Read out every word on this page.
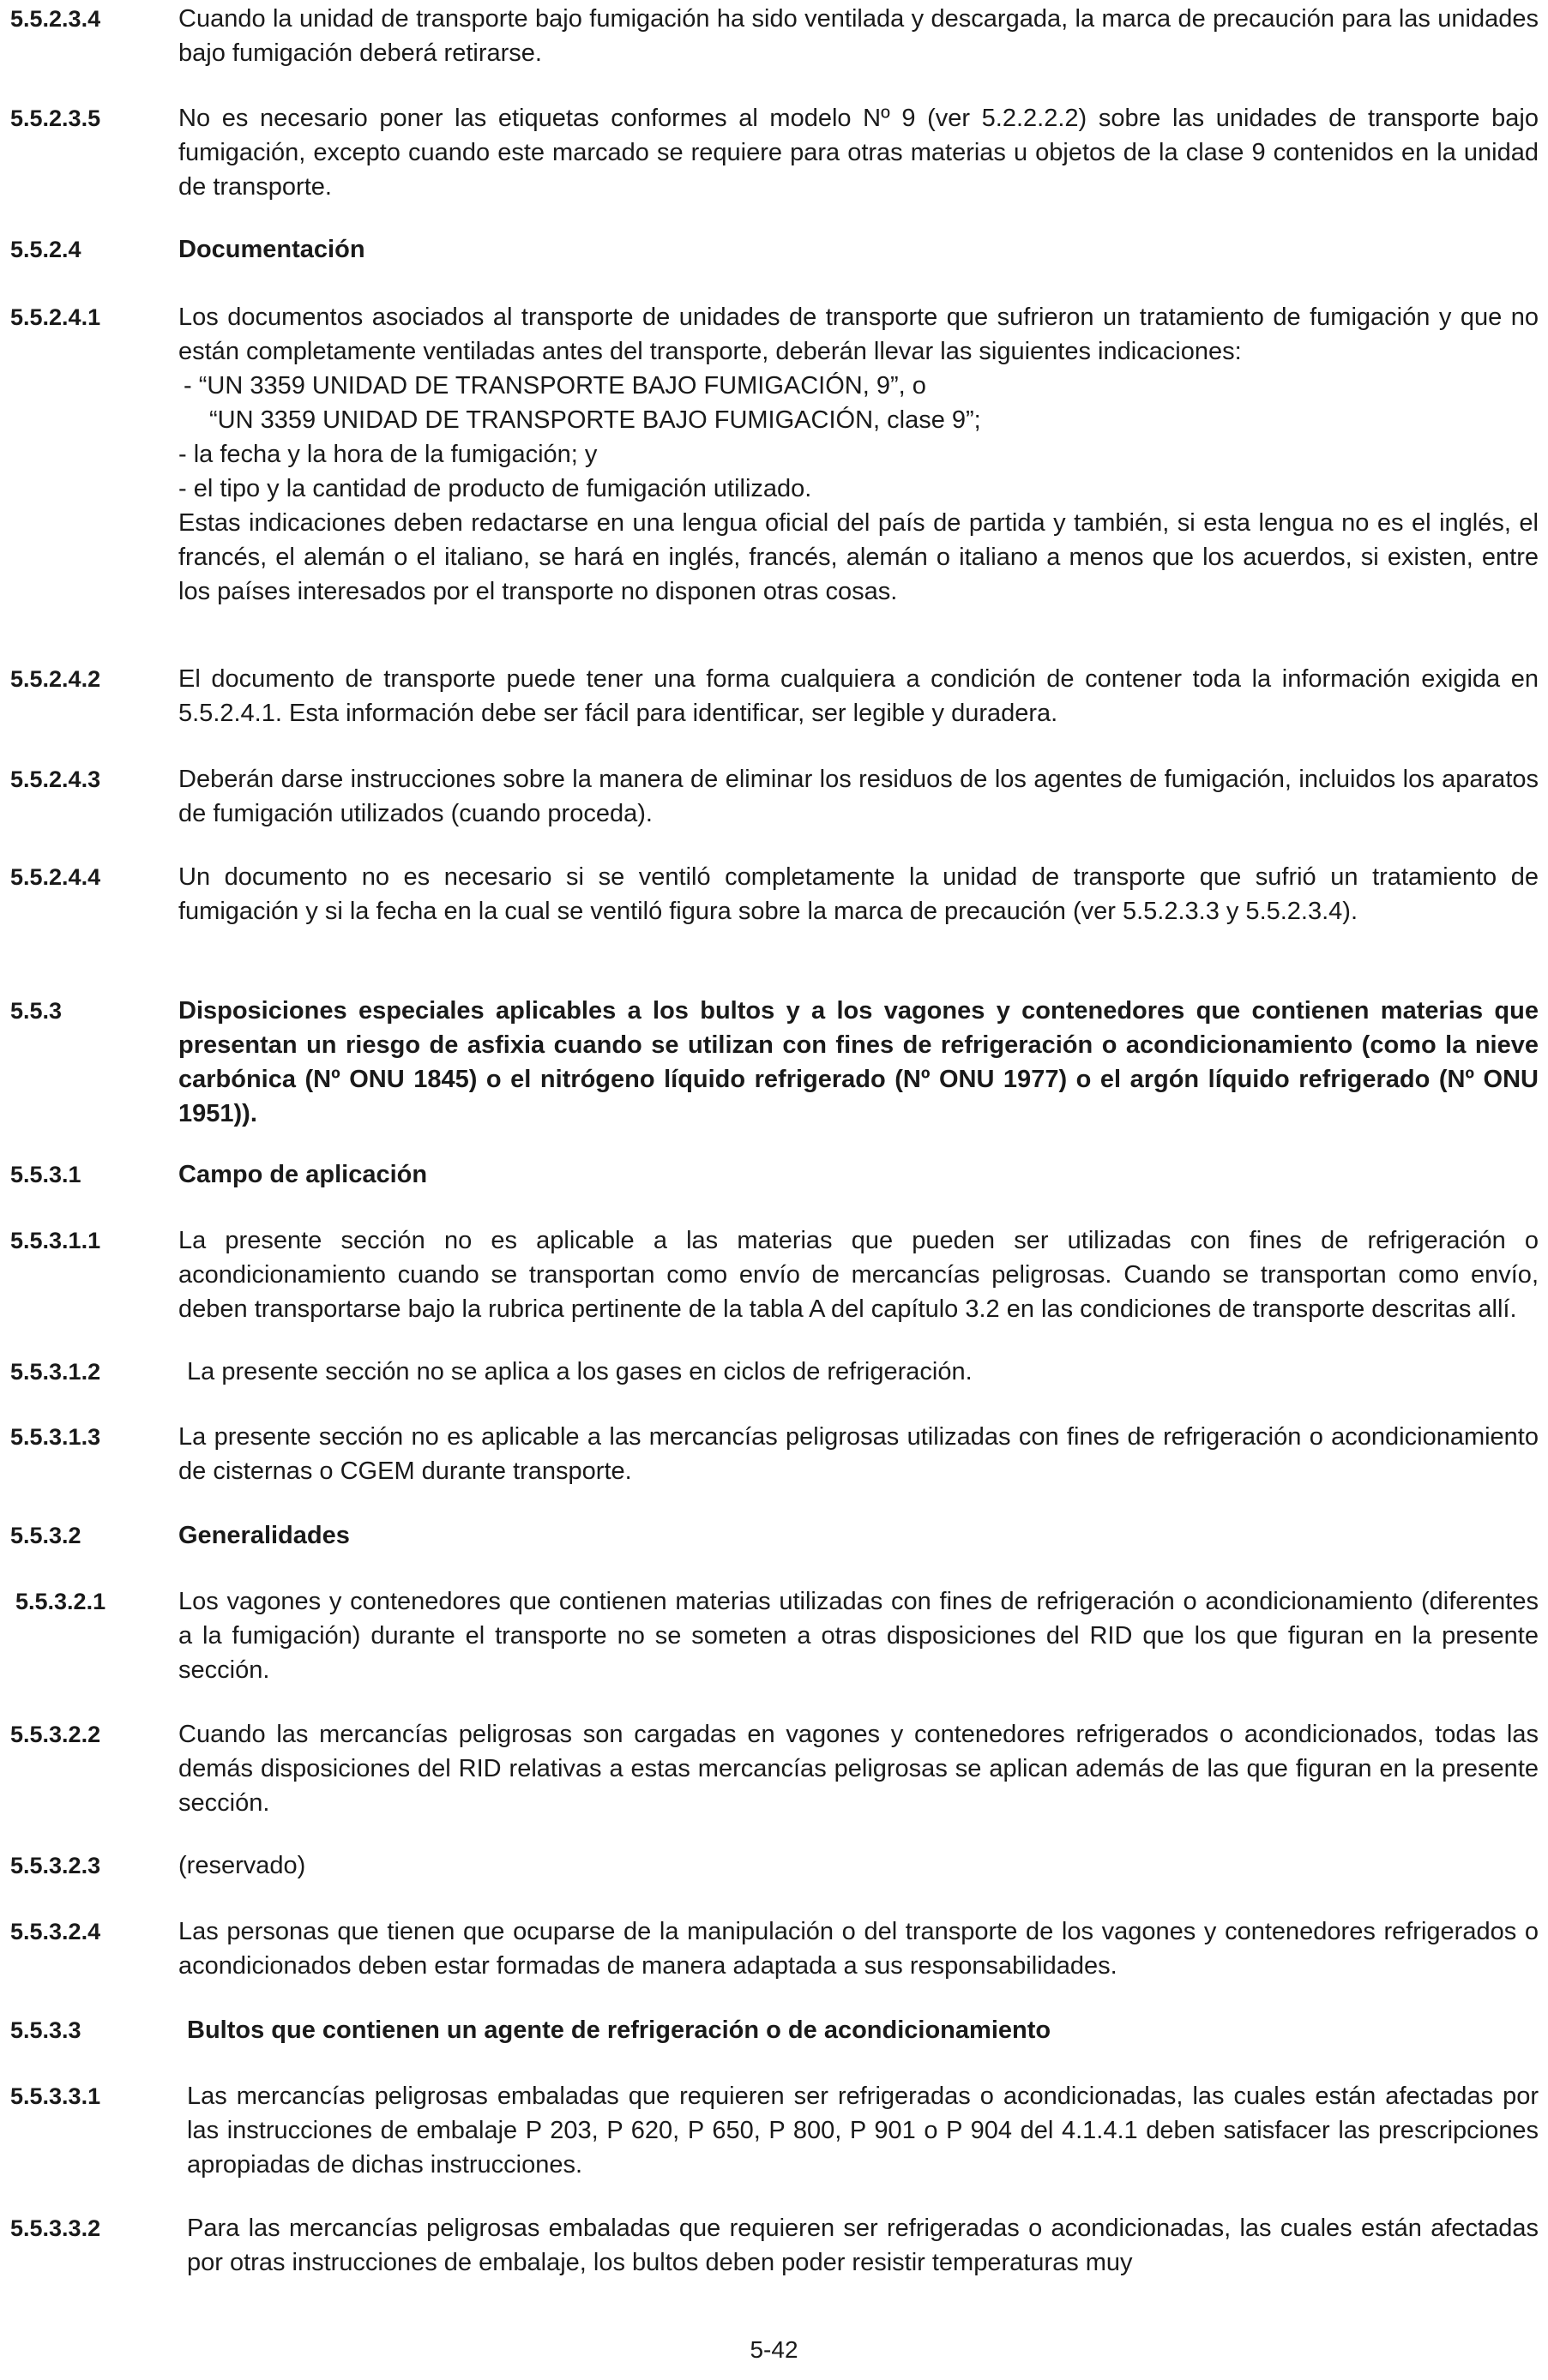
5.5.2.3.4	Cuando la unidad de transporte bajo fumigación ha sido ventilada y descargada, la marca de precaución para las unidades bajo fumigación deberá retirarse.
5.5.2.3.5	No es necesario poner las etiquetas conformes al modelo Nº 9 (ver 5.2.2.2.2) sobre las unidades de transporte bajo fumigación, excepto cuando este marcado se requiere para otras materias u objetos de la clase 9 contenidos en la unidad de transporte.
5.5.2.4	Documentación
5.5.2.4.1	Los documentos asociados al transporte de unidades de transporte que sufrieron un tratamiento de fumigación y que no están completamente ventiladas antes del transporte, deberán llevar las siguientes indicaciones:
- “UN 3359 UNIDAD DE TRANSPORTE BAJO FUMIGACIÓN, 9”, o
“UN 3359 UNIDAD DE TRANSPORTE BAJO FUMIGACIÓN, clase 9”;
- la fecha y la hora de la fumigación; y
- el tipo y la cantidad de producto de fumigación utilizado.
Estas indicaciones deben redactarse en una lengua oficial del país de partida y también, si esta lengua no es el inglés, el francés, el alemán o el italiano, se hará en inglés, francés, alemán o italiano a menos que los acuerdos, si existen, entre los países interesados por el transporte no disponen otras cosas.
5.5.2.4.2	El documento de transporte puede tener una forma cualquiera a condición de contener toda la información exigida en 5.5.2.4.1. Esta información debe ser fácil para identificar, ser legible y duradera.
5.5.2.4.3	Deberán darse instrucciones sobre la manera de eliminar los residuos de los agentes de fumigación, incluidos los aparatos de fumigación utilizados (cuando proceda).
5.5.2.4.4	Un documento no es necesario si se ventiló completamente la unidad de transporte que sufrió un tratamiento de fumigación y si la fecha en la cual se ventiló figura sobre la marca de precaución (ver 5.5.2.3.3 y 5.5.2.3.4).
5.5.3	Disposiciones especiales aplicables a los bultos y a los vagones y contenedores que contienen materias que presentan un riesgo de asfixia cuando se utilizan con fines de refrigeración o acondicionamiento (como la nieve carbónica (Nº ONU 1845) o el nitrógeno líquido refrigerado (Nº ONU 1977) o el argón líquido refrigerado (Nº ONU 1951)).
5.5.3.1	Campo de aplicación
5.5.3.1.1	La presente sección no es aplicable a las materias que pueden ser utilizadas con fines de refrigeración o acondicionamiento cuando se transportan como envío de mercancías peligrosas. Cuando se transportan como envío, deben transportarse bajo la rubrica pertinente de la tabla A del capítulo 3.2 en las condiciones de transporte descritas allí.
5.5.3.1.2	La presente sección no se aplica a los gases en ciclos de refrigeración.
5.5.3.1.3	La presente sección no es aplicable a las mercancías peligrosas utilizadas con fines de refrigeración o acondicionamiento de cisternas o CGEM durante transporte.
5.5.3.2	Generalidades
5.5.3.2.1	Los vagones y contenedores que contienen materias utilizadas con fines de refrigeración o acondicionamiento (diferentes a la fumigación) durante el transporte no se someten a otras disposiciones del RID que los que figuran en la presente sección.
5.5.3.2.2	Cuando las mercancías peligrosas son cargadas en vagones y contenedores refrigerados o acondicionados, todas las demás disposiciones del RID relativas a estas mercancías peligrosas se aplican además de las que figuran en la presente sección.
5.5.3.2.3	(reservado)
5.5.3.2.4	Las personas que tienen que ocuparse de la manipulación o del transporte de los vagones y contenedores refrigerados o acondicionados deben estar formadas de manera adaptada a sus responsabilidades.
5.5.3.3	Bultos que contienen un agente de refrigeración o de acondicionamiento
5.5.3.3.1	Las mercancías peligrosas embaladas que requieren ser refrigeradas o acondicionadas, las cuales están afectadas por las instrucciones de embalaje P 203, P 620, P 650, P 800, P 901 o P 904 del 4.1.4.1 deben satisfacer las prescripciones apropiadas de dichas instrucciones.
5.5.3.3.2	Para las mercancías peligrosas embaladas que requieren ser refrigeradas o acondicionadas, las cuales están afectadas por otras instrucciones de embalaje, los bultos deben poder resistir temperaturas muy
5-42
